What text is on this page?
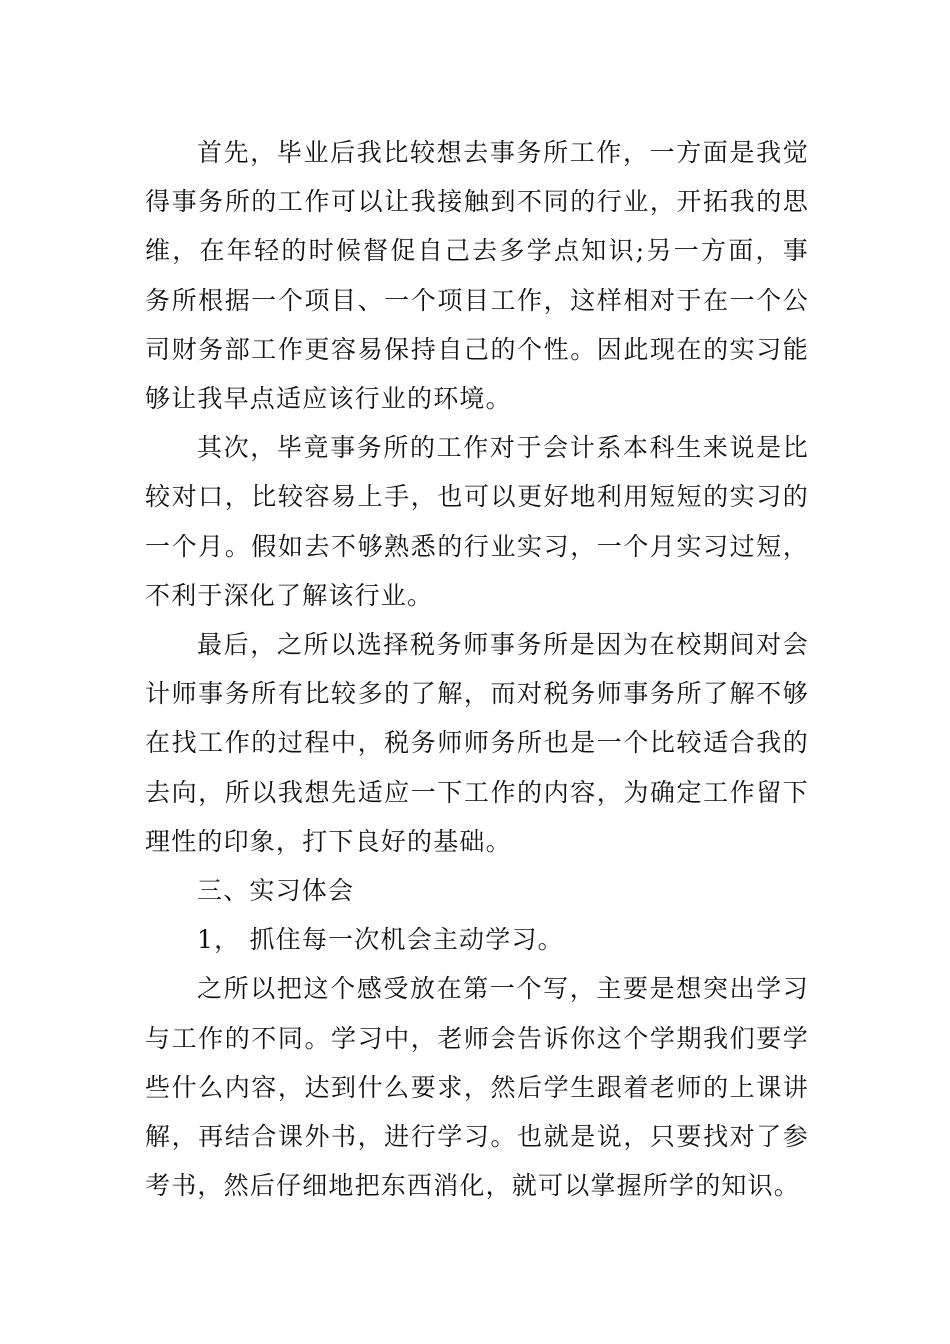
首先，毕业后我比较想去事务所工作，一方面是我觉得事务所的工作可以让我接触到不同的行业，开拓我的思维，在年轻的时候督促自己去多学点知识;另一方面，事务所根据一个项目、一个项目工作，这样相对于在一个公司财务部工作更容易保持自己的个性。因此现在的实习能够让我早点适应该行业的环境。

其次，毕竟事务所的工作对于会计系本科生来说是比较对口，比较容易上手，也可以更好地利用短短的实习的一个月。假如去不够熟悉的行业实习，一个月实习过短，不利于深化了解该行业。

最后，之所以选择税务师事务所是因为在校期间对会计师事务所有比较多的了解，而对税务师事务所了解不够在找工作的过程中，税务师师务所也是一个比较适合我的去向，所以我想先适应一下工作的内容，为确定工作留下理性的印象，打下良好的基础。

三、实习体会

1， 抓住每一次机会主动学习。

之所以把这个感受放在第一个写，主要是想突出学习与工作的不同。学习中，老师会告诉你这个学期我们要学些什么内容，达到什么要求，然后学生跟着老师的上课讲解，再结合课外书，进行学习。也就是说，只要找对了参考书，然后仔细地把东西消化，就可以掌握所学的知识。
